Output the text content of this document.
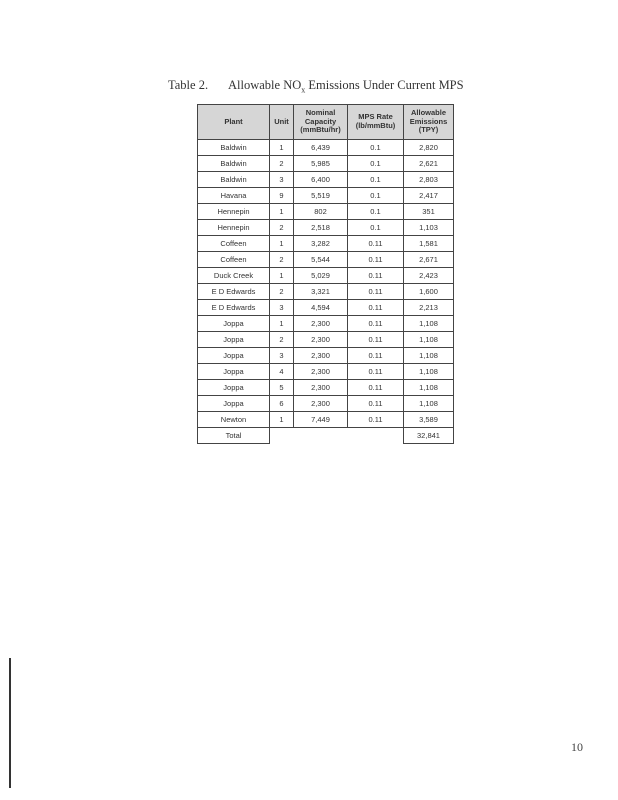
Table 2. Allowable $NO_x$ Emissions Under Current MPS
Plant	Unit	Nominal Capacity (mmBtu/hr)	MPS Rate (lb/mmBtu)	Allowable Emissions (TPY)
Baldwin	1	6,439	0.1	2,820
Baldwin	2	5,985	0.1	2,621
Baldwin	3	6,400	0.1	2,803
Havana	9	5,519	0.1	2,417
Hennepin	1	802	0.1	351
Hennepin	2	2,518	0.1	1,103
Coffeen	1	3,282	0.11	1,581
Coffeen	2	5,544	0.11	2,671
Duck Creek	1	5,029	0.11	2,423
E D Edwards	2	3,321	0.11	1,600
E D Edwards	3	4,594	0.11	2,213
Joppa	1	2,300	0.11	1,108
Joppa	2	2,300	0.11	1,108
Joppa	3	2,300	0.11	1,108
Joppa	4	2,300	0.11	1,108
Joppa	5	2,300	0.11	1,108
Joppa	6	2,300	0.11	1,108
Newton	1	7,449	0.11	3,589
Total				32,841
10
